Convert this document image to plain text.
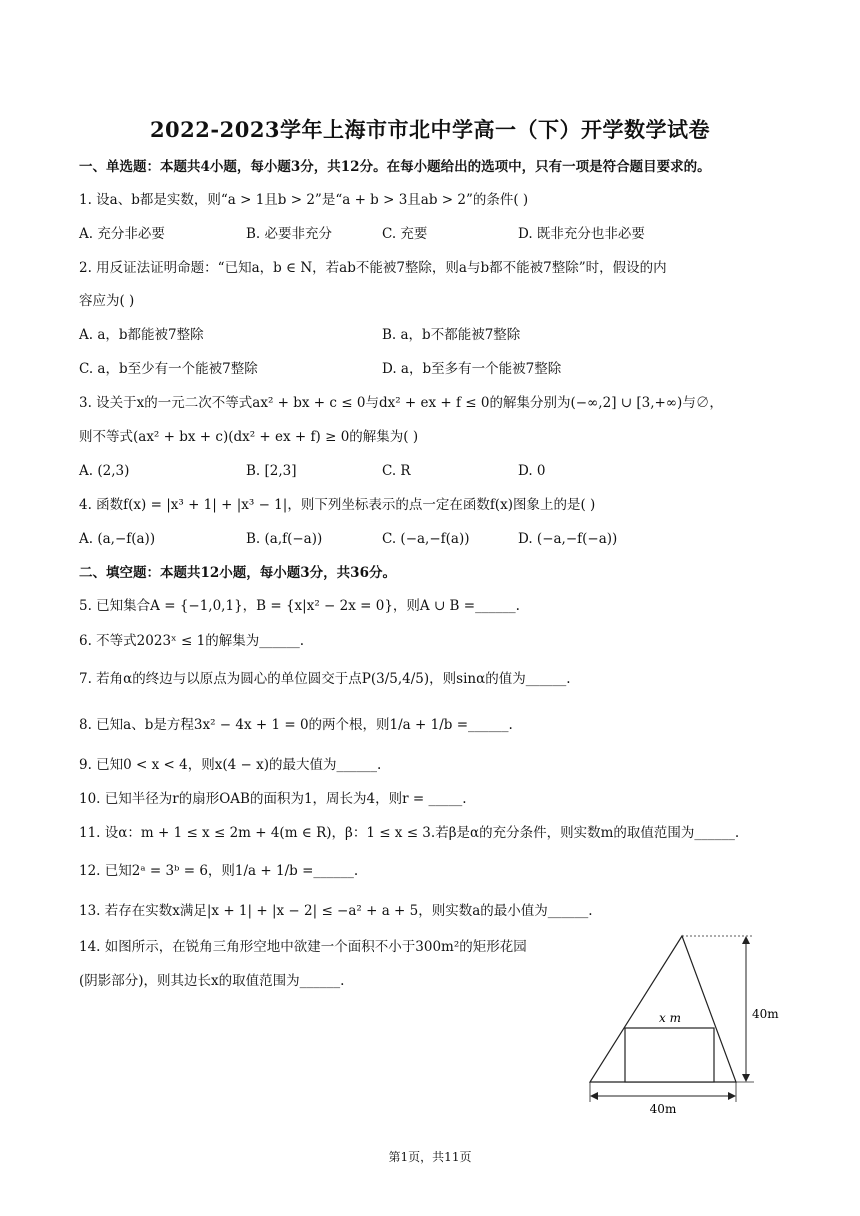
2022-2023学年上海市市北中学高一（下）开学数学试卷
一、单选题：本题共4小题，每小题3分，共12分。在每小题给出的选项中，只有一项是符合题目要求的。
1. 设a、b都是实数，则“a > 1且b > 2”是“a + b > 3且ab > 2”的条件( )
A. 充分非必要	B. 必要非充分	C. 充要	D. 既非充分也非必要
2. 用反证法证明命题：“已知a，b ∈ N，若ab不能被7整除，则a与b都不能被7整除”时，假设的内
容应为( )
A. a，b都能被7整除	B. a，b不都能被7整除
C. a，b至少有一个能被7整除	D. a，b至多有一个能被7整除
3. 设关于x的一元二次不等式ax² + bx + c ≤ 0与dx² + ex + f ≤ 0的解集分别为(−∞,2] ∪ [3,+∞)与∅，
则不等式(ax² + bx + c)(dx² + ex + f) ≥ 0的解集为( )
A. (2,3)	B. [2,3]	C. R	D. 0
4. 函数f(x) = |x³ + 1| + |x³ − 1|，则下列坐标表示的点一定在函数f(x)图象上的是( )
A. (a,−f(a))	B. (a,f(−a))	C. (−a,−f(a))	D. (−a,−f(−a))
二、填空题：本题共12小题，每小题3分，共36分。
5. 已知集合A = {−1,0,1}，B = {x|x² − 2x = 0}，则A ∪ B =______.
6. 不等式2023ˣ ≤ 1的解集为______.
7. 若角α的终边与以原点为圆心的单位圆交于点P(3/5,4/5)，则sinα的值为______.
8. 已知a、b是方程3x² − 4x + 1 = 0的两个根，则1/a + 1/b =______.
9. 已知0 < x < 4，则x(4 − x)的最大值为______.
10. 已知半径为r的扇形OAB的面积为1，周长为4，则r = _____.
11. 设α：m + 1 ≤ x ≤ 2m + 4(m ∈ R)，β：1 ≤ x ≤ 3.若β是α的充分条件，则实数m的取值范围为______.
12. 已知2ᵃ = 3ᵇ = 6，则1/a + 1/b =______.
13. 若存在实数x满足|x + 1| + |x − 2| ≤ −a² + a + 5，则实数a的最小值为______.
14. 如图所示，在锐角三角形空地中欲建一个面积不小于300m²的矩形花园
(阴影部分)，则其边长x的取值范围为______.
x m	40m
40m
第1页，共11页
